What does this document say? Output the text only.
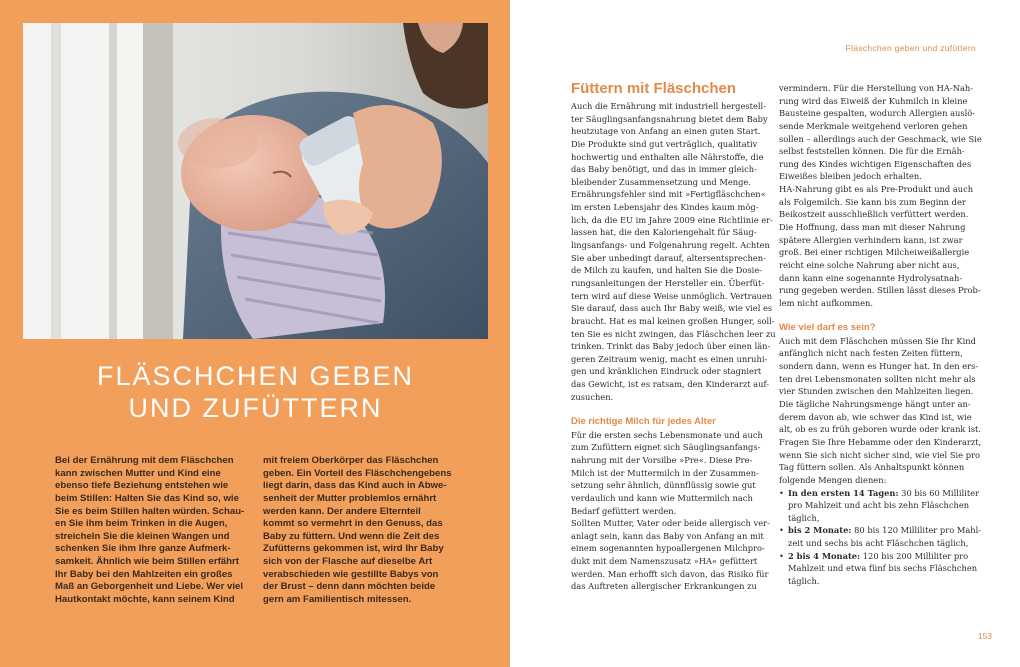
FLÄSCHCHEN GEBEN
UND ZUFÜTTERN
Bei der Ernährung mit dem Fläschchen
kann zwischen Mutter und Kind eine
ebenso tiefe Beziehung entstehen wie
beim Stillen: Halten Sie das Kind so, wie
Sie es beim Stillen halten würden. Schau-
en Sie ihm beim Trinken in die Augen,
streicheln Sie die kleinen Wangen und
schenken Sie ihm Ihre ganze Aufmerk-
samkeit. Ähnlich wie beim Stillen erfährt
Ihr Baby bei den Mahlzeiten ein großes
Maß an Geborgenheit und Liebe. Wer viel
Hautkontakt möchte, kann seinem Kind
mit freiem Oberkörper das Fläschchen
geben. Ein Vorteil des Fläschchengebens
liegt darin, dass das Kind auch in Abwe-
senheit der Mutter problemlos ernährt
werden kann. Der andere Elternteil
kommt so vermehrt in den Genuss, das
Baby zu füttern. Und wenn die Zeit des
Zufütterns gekommen ist, wird Ihr Baby
sich von der Flasche auf dieselbe Art
verabschieden wie gestillte Babys von
der Brust – denn dann möchten beide
gern am Familientisch mitessen.
Fläschchen geben und zufüttern
153
Füttern mit Fläschchen
Auch die Ernährung mit industriell hergestell-
ter Säuglingsanfangsnahrung bietet dem Baby
heutzutage von Anfang an einen guten Start.
Die Produkte sind gut verträglich, qualitativ
hochwertig und enthalten alle Nährstoffe, die
das Baby benötigt, und das in immer gleich-
bleibender Zusammensetzung und Menge.
Ernährungsfehler sind mit »Fertigfläschchen«
im ersten Lebensjahr des Kindes kaum mög-
lich, da die EU im Jahre 2009 eine Richtlinie er-
lassen hat, die den Kaloriengehalt für Säug-
lingsanfangs- und Folgenahrung regelt. Achten
Sie aber unbedingt darauf, altersentsprechen-
de Milch zu kaufen, und halten Sie die Dosie-
rungsanleitungen der Hersteller ein. Überfüt-
tern wird auf diese Weise unmöglich. Vertrauen
Sie darauf, dass auch Ihr Baby weiß, wie viel es
braucht. Hat es mal keinen großen Hunger, soll-
ten Sie es nicht zwingen, das Fläschchen leer zu
trinken. Trinkt das Baby jedoch über einen län-
geren Zeitraum wenig, macht es einen unruhi-
gen und kränklichen Eindruck oder stagniert
das Gewicht, ist es ratsam, den Kinderarzt auf-
zusuchen.
Die richtige Milch für jedes Alter
Für die ersten sechs Lebensmonate und auch
zum Zufüttern eignet sich Säuglingsanfangs-
nahrung mit der Vorsilbe »Pre«. Diese Pre-
Milch ist der Muttermilch in der Zusammen-
setzung sehr ähnlich, dünnflüssig sowie gut
verdaulich und kann wie Muttermilch nach
Bedarf gefüttert werden.
Sollten Mutter, Vater oder beide allergisch ver-
anlagt sein, kann das Baby von Anfang an mit
einem sogenannten hypoallergenen Milchpro-
dukt mit dem Namenszusatz »HA« gefüttert
werden. Man erhofft sich davon, das Risiko für
das Auftreten allergischer Erkrankungen zu
vermindern. Für die Herstellung von HA-Nah-
rung wird das Eiweiß der Kuhmilch in kleine
Bausteine gespalten, wodurch Allergien auslö-
sende Merkmale weitgehend verloren gehen
sollen – allerdings auch der Geschmack, wie Sie
selbst feststellen können. Die für die Ernäh-
rung des Kindes wichtigen Eigenschaften des
Eiweißes bleiben jedoch erhalten.
HA-Nahrung gibt es als Pre-Produkt und auch
als Folgemilch. Sie kann bis zum Beginn der
Beikostzeit ausschließlich verfüttert werden.
Die Hoffnung, dass man mit dieser Nahrung
spätere Allergien verhindern kann, ist zwar
groß. Bei einer richtigen Milcheiweißallergie
reicht eine solche Nahrung aber nicht aus,
dann kann eine sogenannte Hydrolysatnah-
rung gegeben werden. Stillen lässt dieses Prob-
lem nicht aufkommen.
Wie viel darf es sein?
Auch mit dem Fläschchen müssen Sie Ihr Kind
anfänglich nicht nach festen Zeiten füttern,
sondern dann, wenn es Hunger hat. In den ers-
ten drei Lebensmonaten sollten nicht mehr als
vier Stunden zwischen den Mahlzeiten liegen.
Die tägliche Nahrungsmenge hängt unter an-
derem davon ab, wie schwer das Kind ist, wie
alt, ob es zu früh geboren wurde oder krank ist.
Fragen Sie Ihre Hebamme oder den Kinderarzt,
wenn Sie sich nicht sicher sind, wie viel Sie pro
Tag füttern sollen. Als Anhaltspunkt können
folgende Mengen dienen:
• In den ersten 14 Tagen: 30 bis 60 Milliliter
pro Mahlzeit und acht bis zehn Fläschchen
täglich,
• bis 2 Monate: 80 bis 120 Milliliter pro Mahl-
zeit und sechs bis acht Fläschchen täglich,
• 2 bis 4 Monate: 120 bis 200 Milliliter pro
Mahlzeit und etwa fünf bis sechs Fläschchen
täglich.
